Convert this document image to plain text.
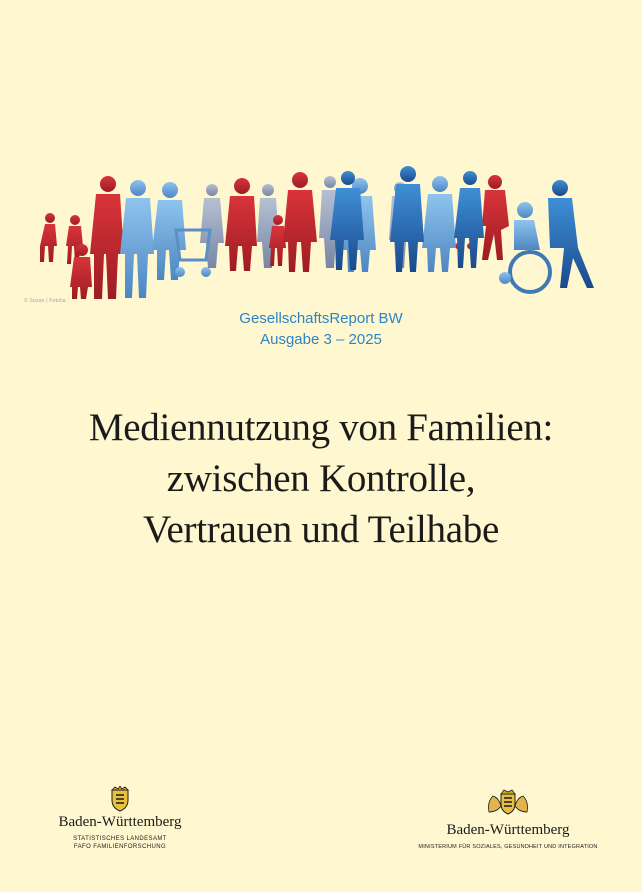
© Sozan | Fotolia
GesellschaftsReport BW
Ausgabe 3 – 2025
Mediennutzung von Familien:
zwischen Kontrolle,
Vertrauen und Teilhabe
Baden-Württemberg
STATISTISCHES LANDESAMT
FAFO FAMILIENFORSCHUNG
Baden-Württemberg
MINISTERIUM FÜR SOZIALES, GESUNDHEIT UND INTEGRATION
